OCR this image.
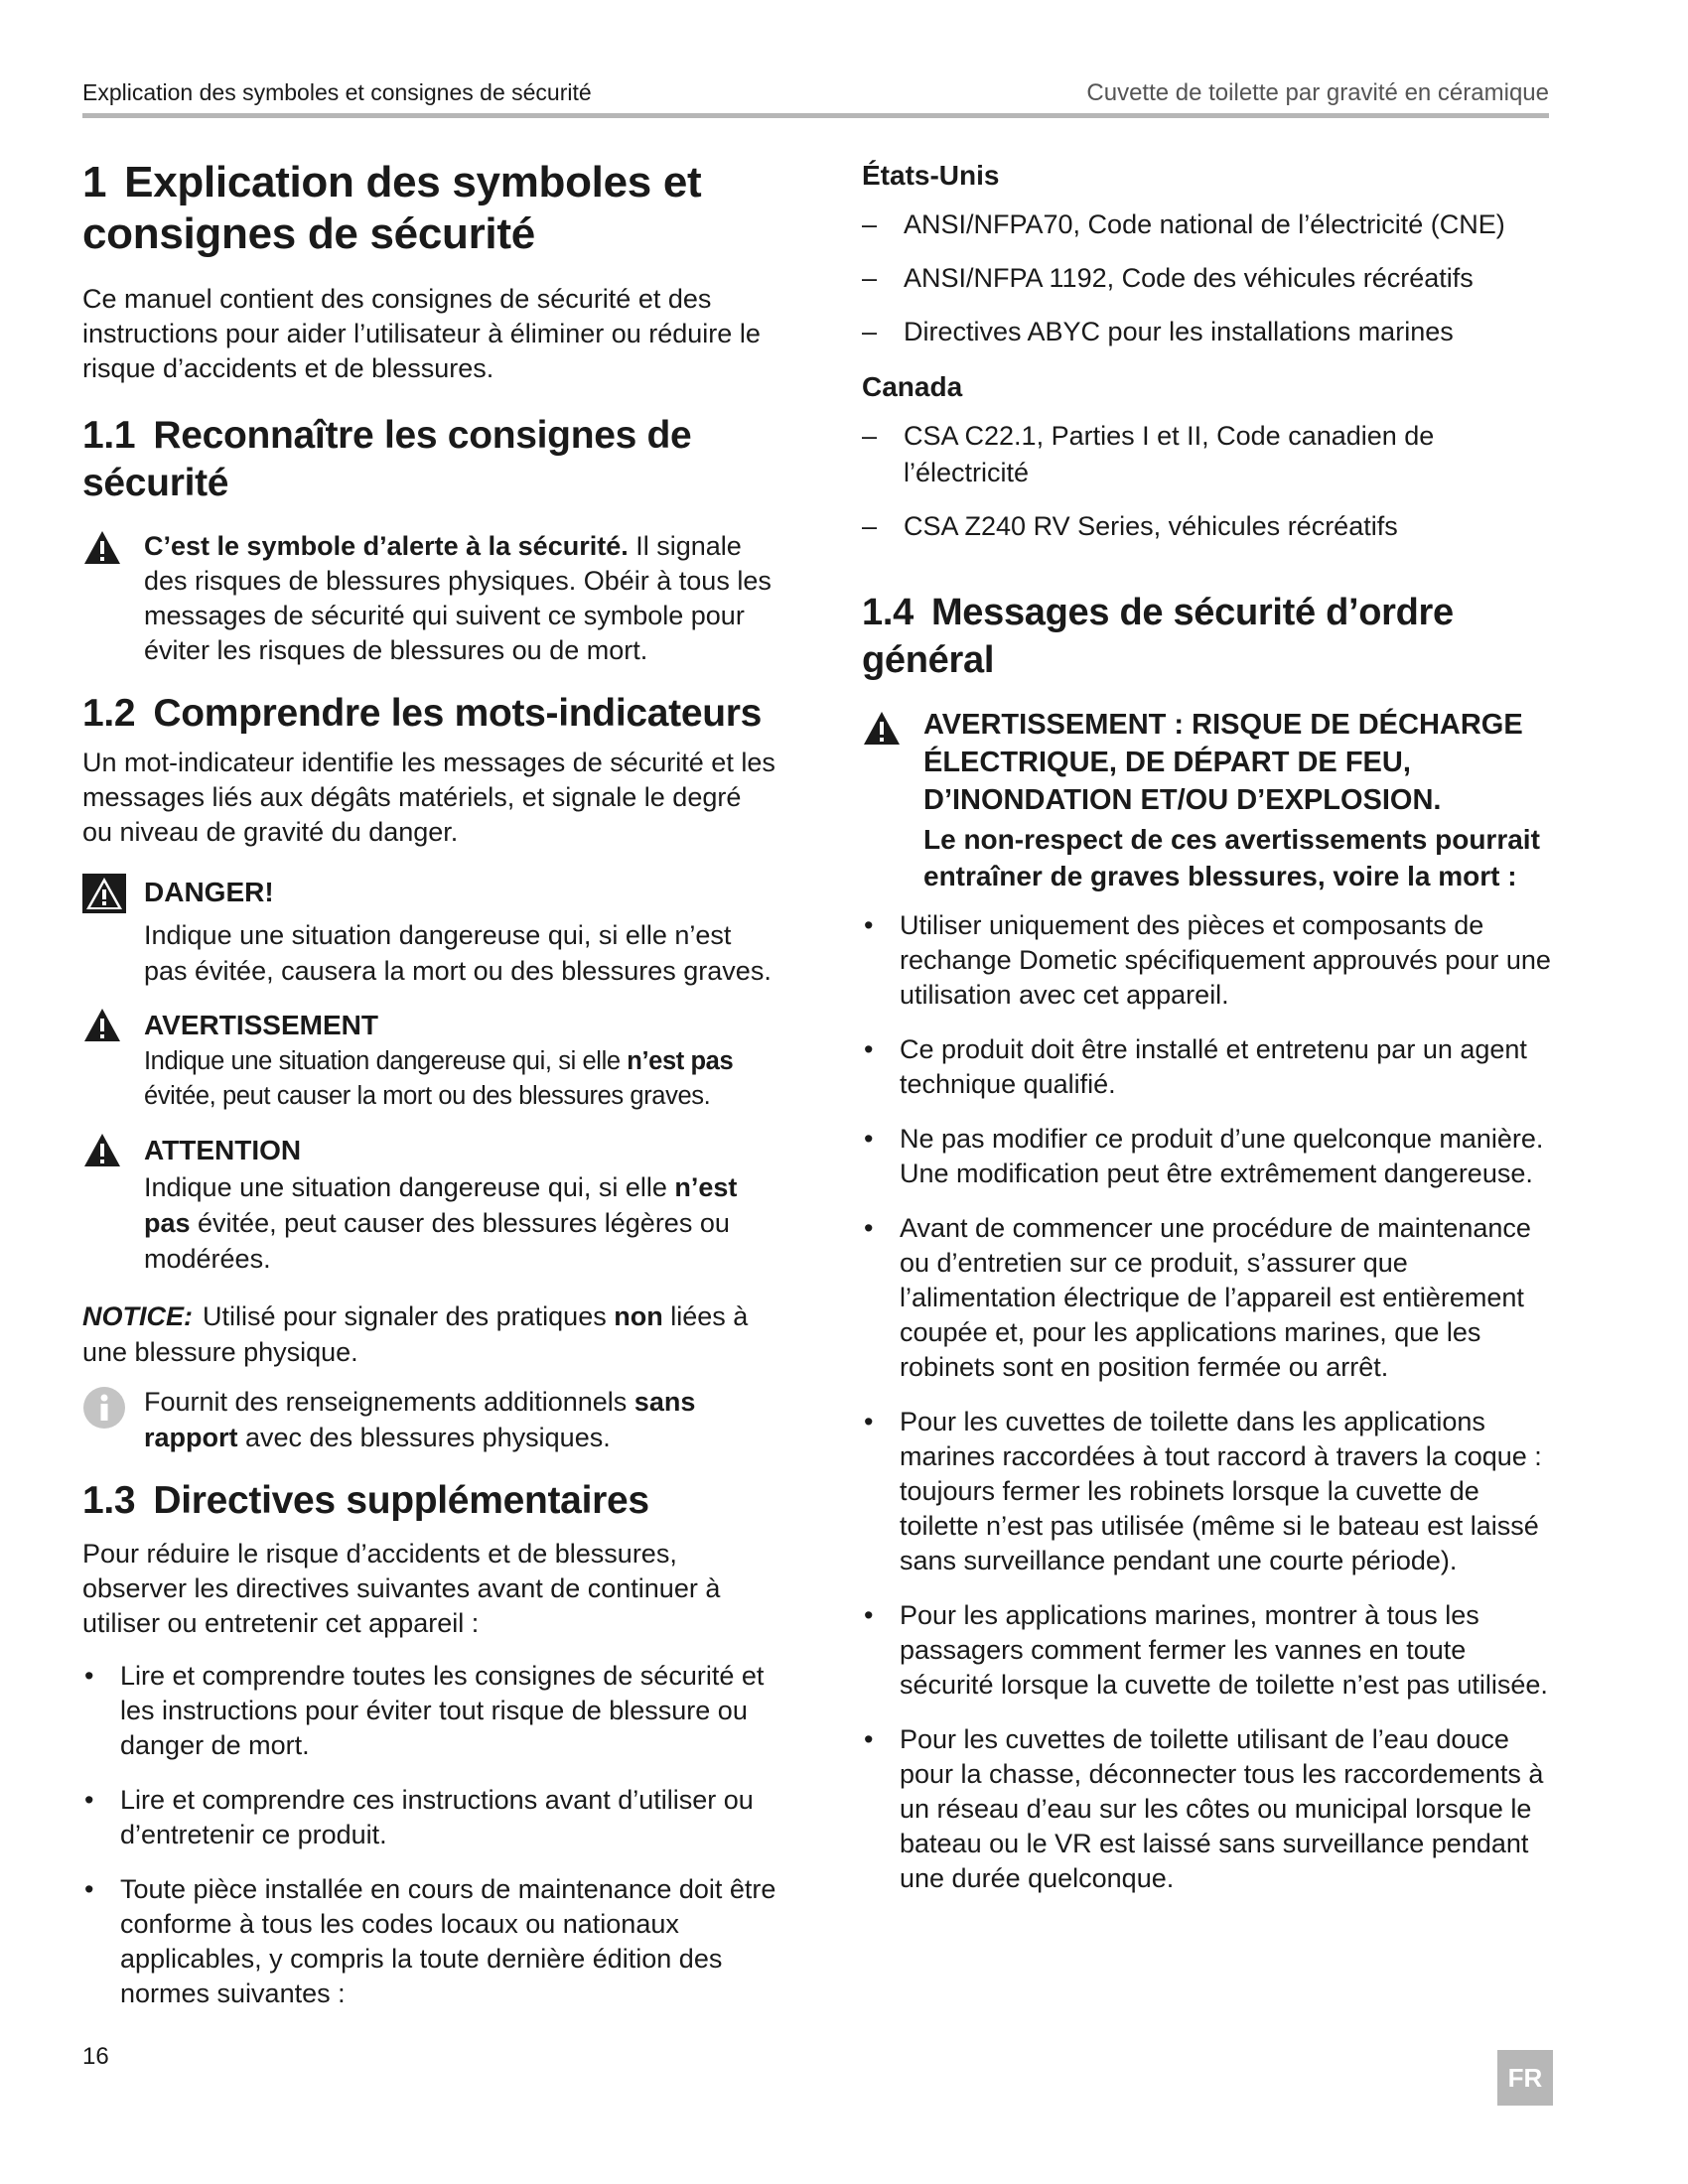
Explication des symboles et consignes de sécurité	Cuvette de toilette par gravité en céramique
1 Explication des symboles et consignes de sécurité

Ce manuel contient des consignes de sécurité et des instructions pour aider l’utilisateur à éliminer ou réduire le risque d’accidents et de blessures.

1.1 Reconnaître les consignes de sécurité

C’est le symbole d’alerte à la sécurité. Il signale des risques de blessures physiques. Obéir à tous les messages de sécurité qui suivent ce symbole pour éviter les risques de blessures ou de mort.

1.2 Comprendre les mots-indicateurs

Un mot-indicateur identifie les messages de sécurité et les messages liés aux dégâts matériels, et signale le degré ou niveau de gravité du danger.

DANGER!

Indique une situation dangereuse qui, si elle n’est pas évitée, causera la mort ou des blessures graves.

AVERTISSEMENT

Indique une situation dangereuse qui, si elle n’est pas évitée, peut causer la mort ou des blessures graves.

ATTENTION

Indique une situation dangereuse qui, si elle n’est pas évitée, peut causer des blessures légères ou modérées.

NOTICE: Utilisé pour signaler des pratiques non liées à une blessure physique.

Fournit des renseignements additionnels sans rapport avec des blessures physiques.

1.3 Directives supplémentaires

Pour réduire le risque d’accidents et de blessures, observer les directives suivantes avant de continuer à utiliser ou entretenir cet appareil :

• Lire et comprendre toutes les consignes de sécurité et les instructions pour éviter tout risque de blessure ou danger de mort.
• Lire et comprendre ces instructions avant d’utiliser ou d’entretenir ce produit.
• Toute pièce installée en cours de maintenance doit être conforme à tous les codes locaux ou nationaux applicables, y compris la toute dernière édition des normes suivantes :
États-Unis
– ANSI/NFPA70, Code national de l’électricité (CNE)
– ANSI/NFPA 1192, Code des véhicules récréatifs
– Directives ABYC pour les installations marines
Canada
– CSA C22.1, Parties I et II, Code canadien de l’électricité
– CSA Z240 RV Series, véhicules récréatifs
1.4 Messages de sécurité d’ordre général
AVERTISSEMENT : RISQUE DE DÉCHARGE ÉLECTRIQUE, DE DÉPART DE FEU, D’INONDATION ET/OU D’EXPLOSION.
Le non-respect de ces avertissements pourrait entraîner de graves blessures, voire la mort :
• Utiliser uniquement des pièces et composants de rechange Dometic spécifiquement approuvés pour une utilisation avec cet appareil.
• Ce produit doit être installé et entretenu par un agent technique qualifié.
• Ne pas modifier ce produit d’une quelconque manière. Une modification peut être extrêmement dangereuse.
• Avant de commencer une procédure de maintenance ou d’entretien sur ce produit, s’assurer que l’alimentation électrique de l’appareil est entièrement coupée et, pour les applications marines, que les robinets sont en position fermée ou arrêt.
• Pour les cuvettes de toilette dans les applications marines raccordées à tout raccord à travers la coque : toujours fermer les robinets lorsque la cuvette de toilette n’est pas utilisée (même si le bateau est laissé sans surveillance pendant une courte période).
• Pour les applications marines, montrer à tous les passagers comment fermer les vannes en toute sécurité lorsque la cuvette de toilette n’est pas utilisée.
• Pour les cuvettes de toilette utilisant de l’eau douce pour la chasse, déconnecter tous les raccordements à un réseau d’eau sur les côtes ou municipal lorsque le bateau ou le VR est laissé sans surveillance pendant une durée quelconque.
16
FR
